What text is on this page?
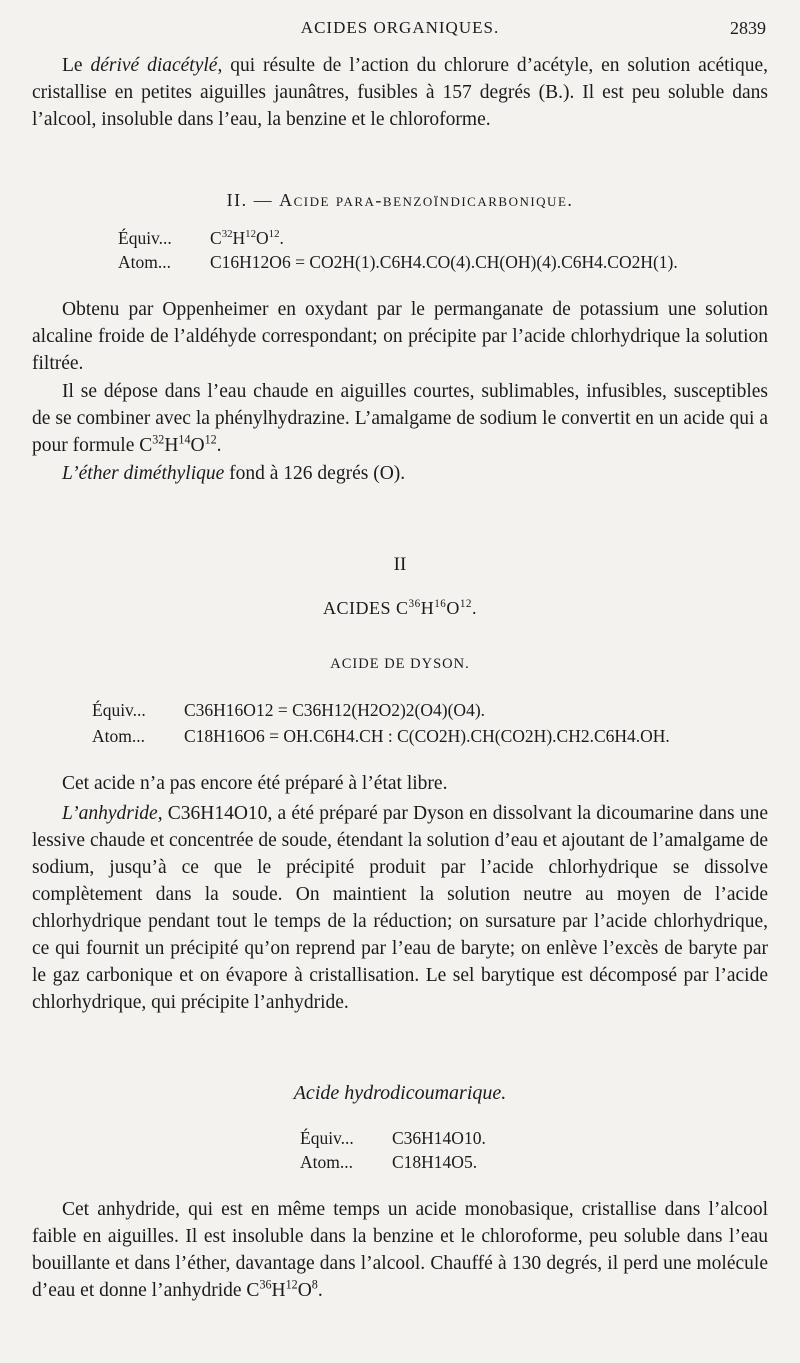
ACIDES ORGANIQUES.	2839

Le dérivé diacétylé, qui résulte de l’action du chlorure d’acétyle, en solution acétique, cristallise en petites aiguilles jaunâtres, fusibles à 157 degrés (B.). Il est peu soluble dans l’alcool, insoluble dans l’eau, la benzine et le chloroforme.

II. — Acide para-benzoïndicarbonique.

Équiv... $C^{32}H^{12}O^{12}$.
Atom... C16H12O6 = CO2H(1).C6H4.CO(4).CH(OH)(4).C6H4.CO2H(1).

Obtenu par Oppenheimer en oxydant par le permanganate de potassium une solution alcaline froide de l’aldéhyde correspondant; on précipite par l’acide chlorhydrique la solution filtrée.

Il se dépose dans l’eau chaude en aiguilles courtes, sublimables, infusibles, susceptibles de se combiner avec la phénylhydrazine. L’amalgame de sodium le convertit en un acide qui a pour formule $C^{32}H^{14}O^{12}$.

L’éther diméthylique fond à 126 degrés (O).

II

ACIDES $C^{36}H^{16}O^{12}$.

ACIDE DE DYSON.

Équiv... C36H16O12 = C36H12(H2O2)2(O4)(O4).
Atom... C18H16O6 = OH.C6H4.CH : C(CO2H).CH(CO2H).CH2.C6H4.OH.

Cet acide n’a pas encore été préparé à l’état libre.

L’anhydride, C36H14O10, a été préparé par Dyson en dissolvant la dicoumarine dans une lessive chaude et concentrée de soude, étendant la solution d’eau et ajoutant de l’amalgame de sodium, jusqu’à ce que le précipité produit par l’acide chlorhydrique se dissolve complètement dans la soude. On maintient la solution neutre au moyen de l’acide chlorhydrique pendant tout le temps de la réduction; on sursature par l’acide chlorhydrique, ce qui fournit un précipité qu’on reprend par l’eau de baryte; on enlève l’excès de baryte par le gaz carbonique et on évapore à cristallisation. Le sel barytique est décomposé par l’acide chlorhydrique, qui précipite l’anhydride.

Acide hydrodicoumarique.

Équiv... C36H14O10.
Atom... C18H14O5.

Cet anhydride, qui est en même temps un acide monobasique, cristallise dans l’alcool faible en aiguilles. Il est insoluble dans la benzine et le chloroforme, peu soluble dans l’eau bouillante et dans l’éther, davantage dans l’alcool. Chauffé à 130 degrés, il perd une molécule d’eau et donne l’anhydride $C^{36}H^{12}O^8$.
